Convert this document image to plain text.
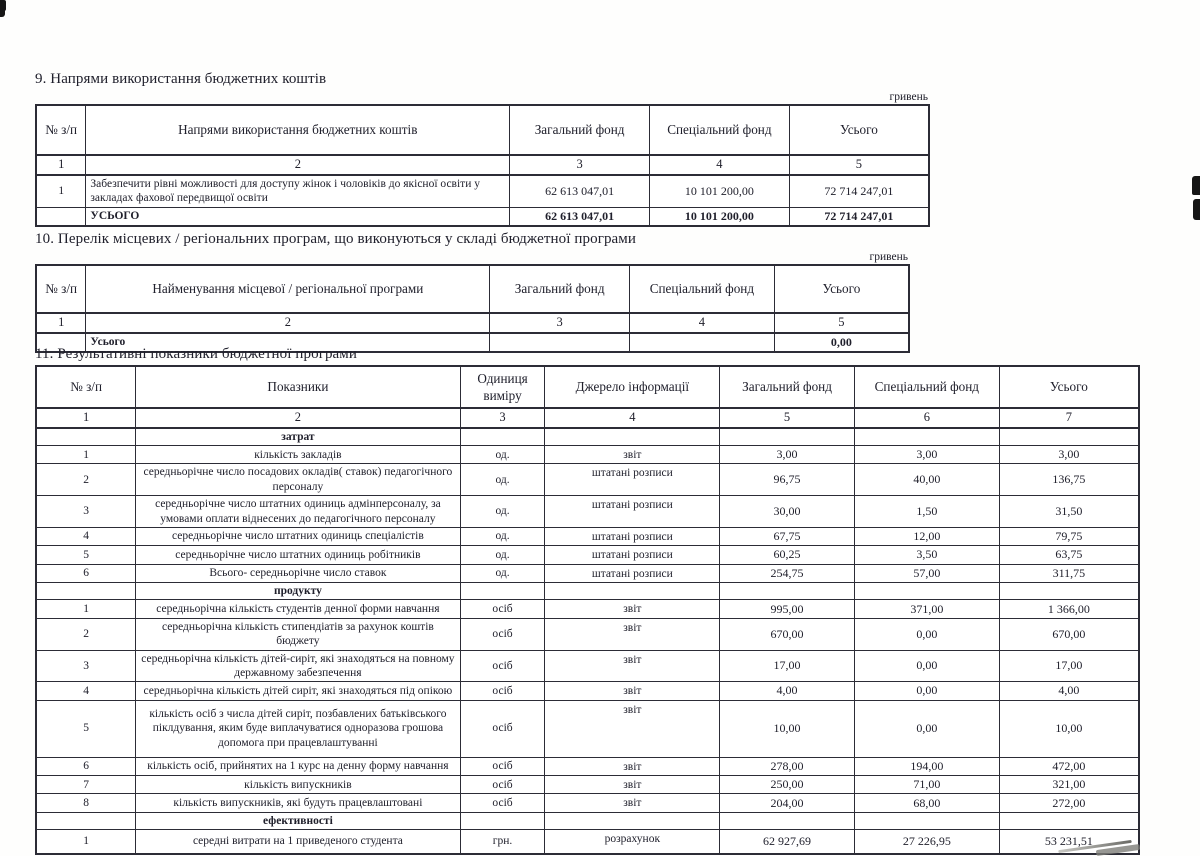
9. Напрями використання бюджетних коштів

гривень
№ з/п	Напрями використання бюджетних коштів	Загальний фонд	Спеціальний фонд	Усього
1	2	3	4	5
1	Забезпечити рівні можливості для доступу жінок і чоловіків до якісної освіти у закладах фахової передвищої освіти	62 613 047,01	10 101 200,00	72 714 247,01
	УСЬОГО	62 613 047,01	10 101 200,00	72 714 247,01

10. Перелік місцевих / регіональних програм, що виконуються у складі бюджетної програми

гривень
№ з/п	Найменування місцевої / регіональної програми	Загальний фонд	Спеціальний фонд	Усього
1	2	3	4	5
	Усього			0,00

11. Результативні показники бюджетної програми

№ з/п	Показники	Одиниця виміру	Джерело інформації	Загальний фонд	Спеціальний фонд	Усього
1	2	3	4	5	6	7
	затрат					
1	кількість закладів	од.	звіт	3,00	3,00	3,00
2	середньорічне число посадових окладів( ставок) педагогічного персоналу	од.	штатані розписи	96,75	40,00	136,75
3	середньорічне число штатних одиниць адмінперсоналу, за умовами оплати віднесених до педагогічного персоналу	од.	штатані розписи	30,00	1,50	31,50
4	середньорічне число штатних одиниць спеціалістів	од.	штатані розписи	67,75	12,00	79,75
5	середньорічне число штатних одиниць робітників	од.	штатані розписи	60,25	3,50	63,75
6	Всього- середньорічне число ставок	од.	штатані розписи	254,75	57,00	311,75
	продукту					
1	середньорічна кількість студентів денної форми навчання	осіб	звіт	995,00	371,00	1 366,00
2	середньорічна кількість стипендіатів за рахунок коштів бюджету	осіб	звіт	670,00	0,00	670,00
3	середньорічна кількість дітей-сиріт, які знаходяться на повному державному забезпечення	осіб	звіт	17,00	0,00	17,00
4	середньорічна кількість дітей сиріт, які знаходяться під опікою	осіб	звіт	4,00	0,00	4,00
5	кількість осіб з числа дітей сиріт, позбавлених батьківського піклдування, яким буде виплачуватися одноразова грошова допомога при працевлаштуванні	осіб	звіт	10,00	0,00	10,00
6	кількість осіб, прийнятих на 1 курс на денну форму навчання	осіб	звіт	278,00	194,00	472,00
7	кількість випускників	осіб	звіт	250,00	71,00	321,00
8	кількість випускників, які будуть працевлаштовані	осіб	звіт	204,00	68,00	272,00
	ефективності					
1	середні витрати на 1 приведеного студента	грн.	розрахунок	62 927,69	27 226,95	53 231,51
